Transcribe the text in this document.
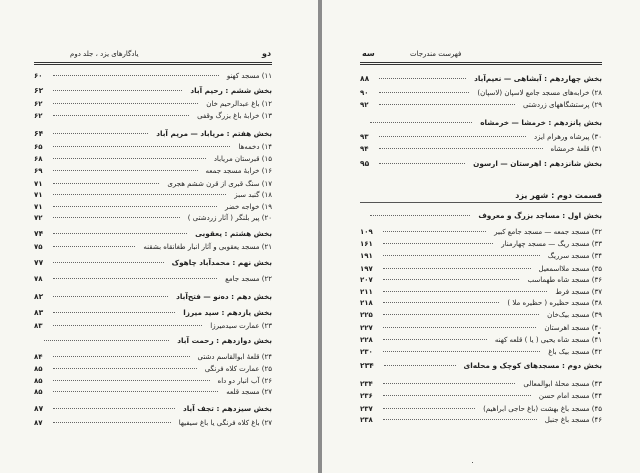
یادگارهای یزد ، جلد دوم	دو
۱۱) مسجد کهنو
۶۰
بخش ششم : رحیم آباد
۶۲
۱۲) باغ عبدالرحیم خان
۶۲
۱۳) خرابهٔ باغ بزرگ وقفی
۶۲
بخش هفتم : مریاباد — مریم آباد
۶۴
۱۴) دخمه‌ها
۶۵
۱۵) قبرستان مریاباد
۶۸
۱۶) خرابهٔ مسجد جمعه
۶۹
۱۷) سنگ قبری از قرن ششم هجری
۷۱
۱۸) گنبد سبز
۷۱
۱۹) خواجه خضر
۷۱
۲۰) پیر بلنگر ( آثار زردشتی )
۷۲
بخش هشتم : یعقوبی
۷۴
۲۱) مسجد یعقوبی و آثار انبار طغانقاه بشقنه
۷۵
بخش نهم : محمدآباد چاهوک
۷۷
۲۲) مسجد جامع
۷۸
بخش دهم : ده‌نو — فتح‌آباد
۸۲
بخش یازدهم : سید میرزا
۸۳
۲۳) عمارت سیدمیرزا
۸۳
بخش دوازدهم : رحمت آباد
۲۴) قلعهٔ ابوالقاسم دشتی
۸۴
۲۵) عمارت کلاه فرنگی
۸۵
۲۶) آب انبار دو داه
۸۵
۲۷) مسجد قلعه
۸۵
بخش سیزدهم : تجف آباد
۸۷
۲۷) باغ کلاه فرنگی یا باغ سیفیها
۸۷
فهرست مندرجات
سه
بخش چهاردهم : آبشاهی — نعیم‌آباد
۸۸
۲۸) خرابه‌های مسجد جامع لاسپان (لاسپان)
۹۰
۲۹) پرستشگاههای زردشتی
۹۲
بخش پانزدهم : خرمشا — خرمشاه
۳۰) پیرشاه ورهرام ایزد
۹۳
۳۱) قلعهٔ خرمشاه
۹۴
بخش شانزدهم : اهرستان — ارسون
۹۵
قسمت دوم : شهر یزد
بخش اول : مساجد بزرگ و معروف
۳۲) مسجد جمعه — مسجد جامع کبیر
۱۰۹
۳۳) مسجد ریگ — مسجد چهارمنار
۱۶۱
۳۴) مسجد سرریگ
۱۹۱
۳۵) مسجد ملااسمعیل
۱۹۷
۳۶) مسجد شاه طهماسب
۲۰۷
۳۷) مسجد فرط
۲۱۱
۳۸) مسجد حظیره ( حظیره ملا )
۲۱۸
۳۹) مسجد بیک‌خان
۲۲۵
۴۰) مسجد اهرستان
۲۲۷
۴۱) مسجد شاه یحیی ( یا ) قلعه کهنه
۲۲۸
۴۲) مسجد بیک باغ
۲۳۰
بخش دوم : مسجدهای کوچک و محله‌ای
۲۳۴
۴۳) مسجد محلهٔ ابوالمعالی
۲۳۴
۴۴) مسجد امام حسن
۲۳۶
۴۵) مسجد باغ بهشت (باغ حاجی ابراهیم)
۲۳۷
۴۶) مسجد باغ جنبل
۲۳۸
